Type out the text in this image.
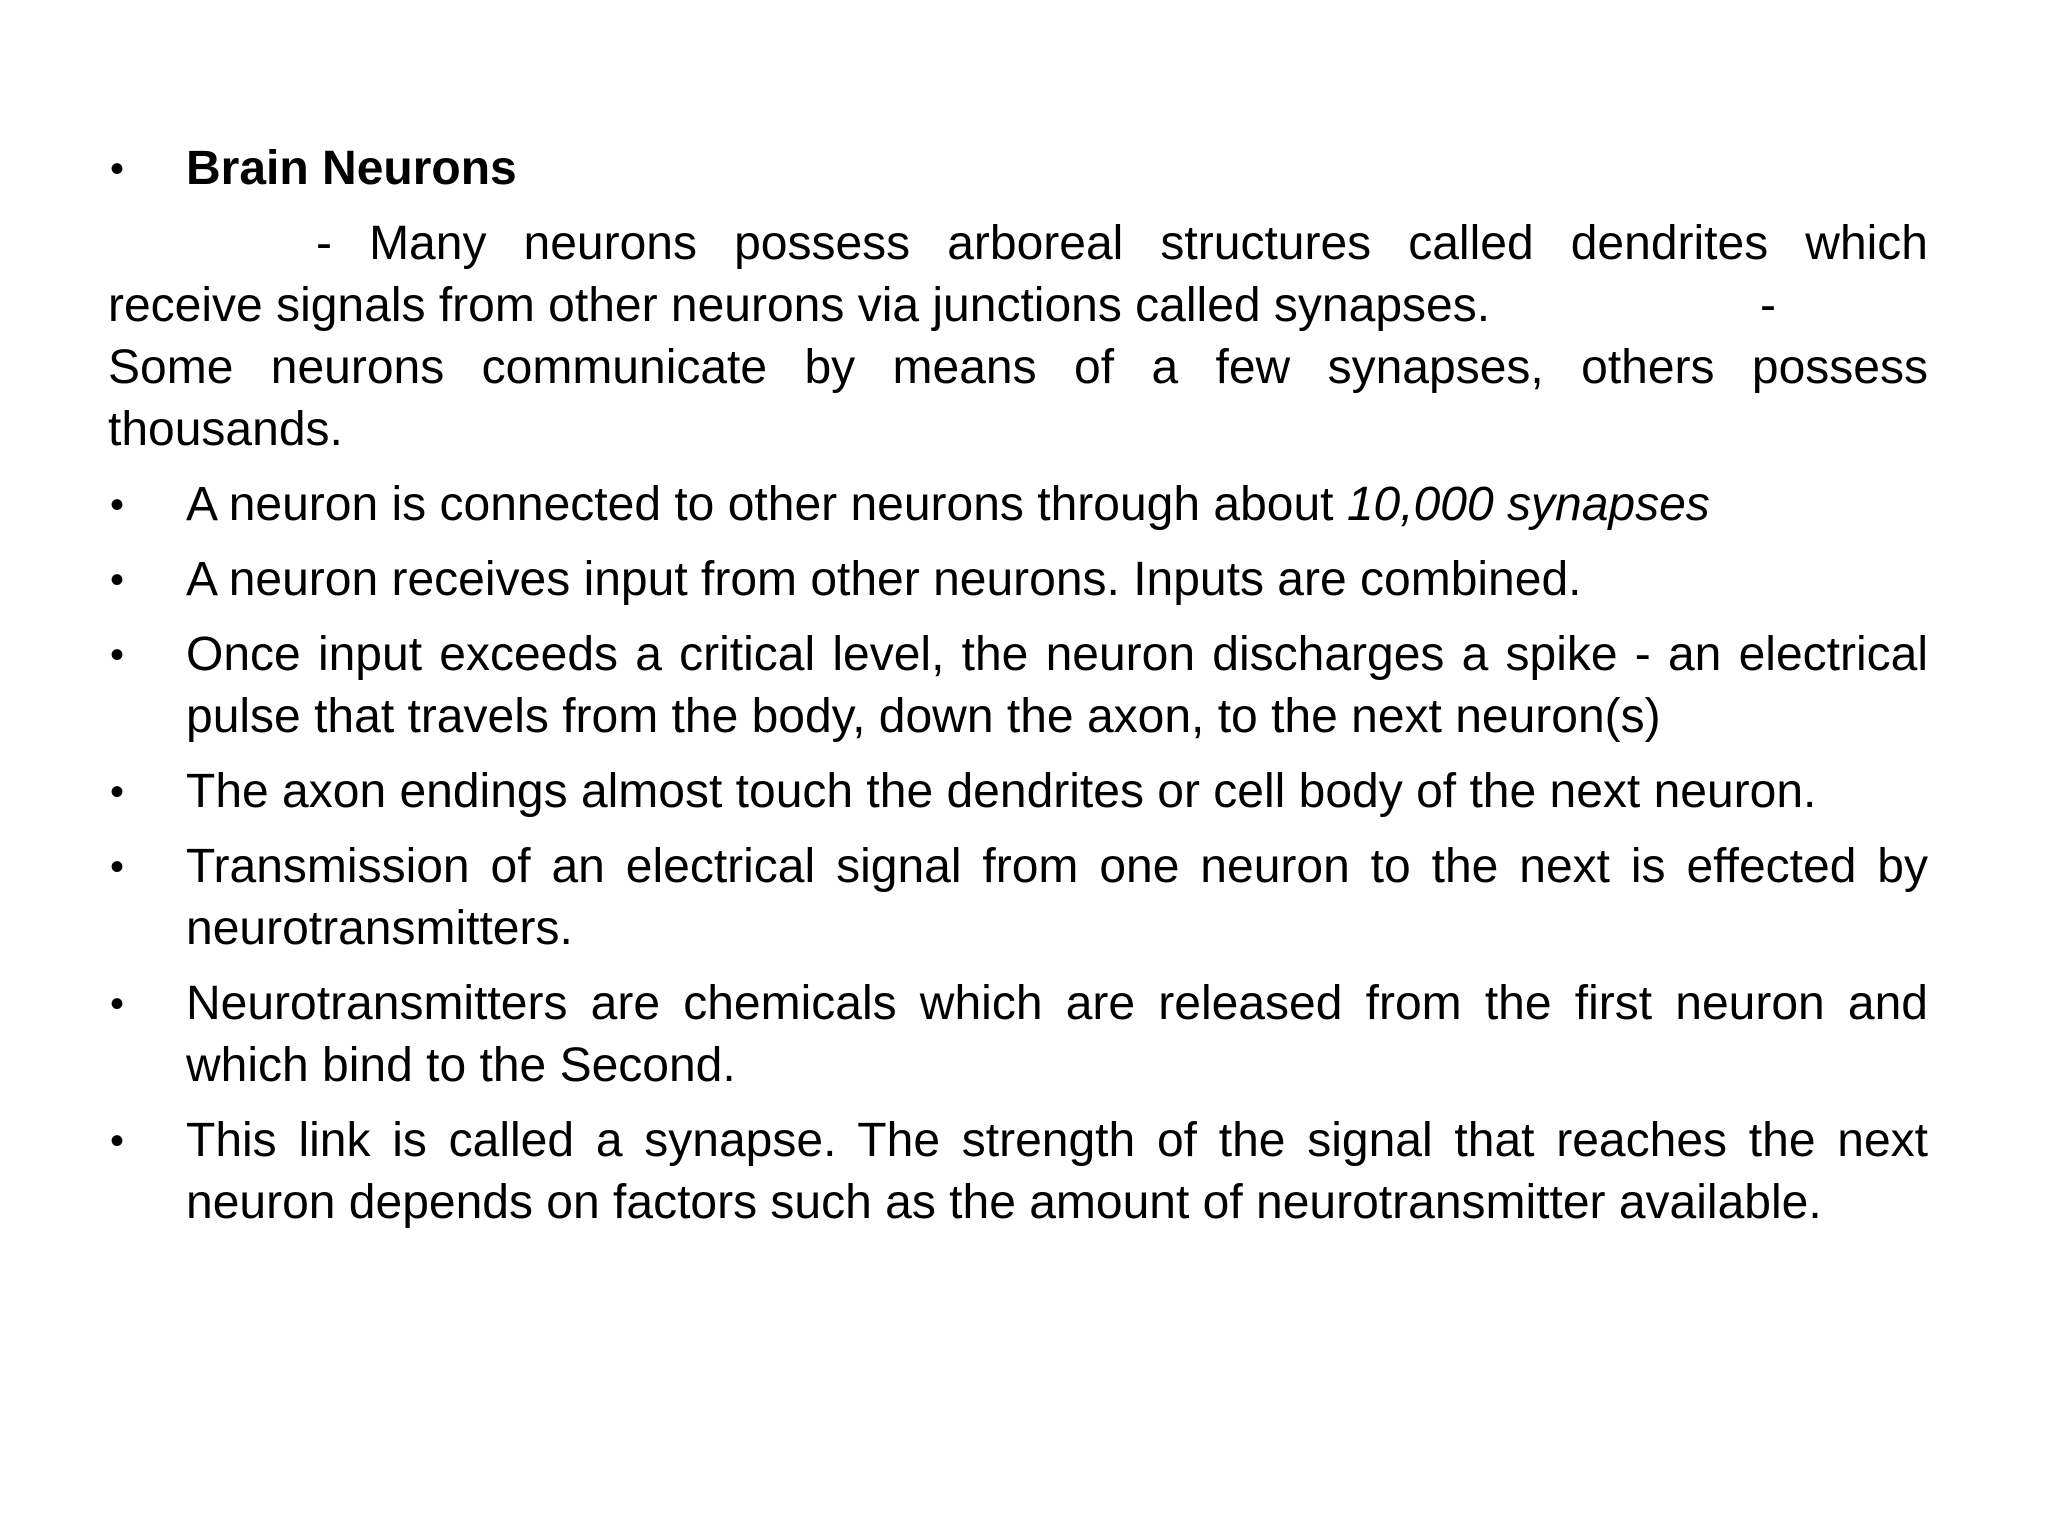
•	Brain Neurons
- Many neurons possess arboreal structures called dendrites which
receive signals from other neurons via junctions called synapses.	-
Some neurons communicate by means of a few synapses, others possess
thousands.
•	A neuron is connected to other neurons through about 10,000 synapses
•	A neuron receives input from other neurons. Inputs are combined.
•	Once input exceeds a critical level, the neuron discharges a spike - an electrical pulse that travels from the body, down the axon, to the next neuron(s)
•	The axon endings almost touch the dendrites or cell body of the next neuron.
•	Transmission of an electrical signal from one neuron to the next is effected by neurotransmitters.
•	Neurotransmitters are chemicals which are released from the first neuron and which bind to the Second.
•	This link is called a synapse. The strength of the signal that reaches the next neuron depends on factors such as the amount of neurotransmitter available.
